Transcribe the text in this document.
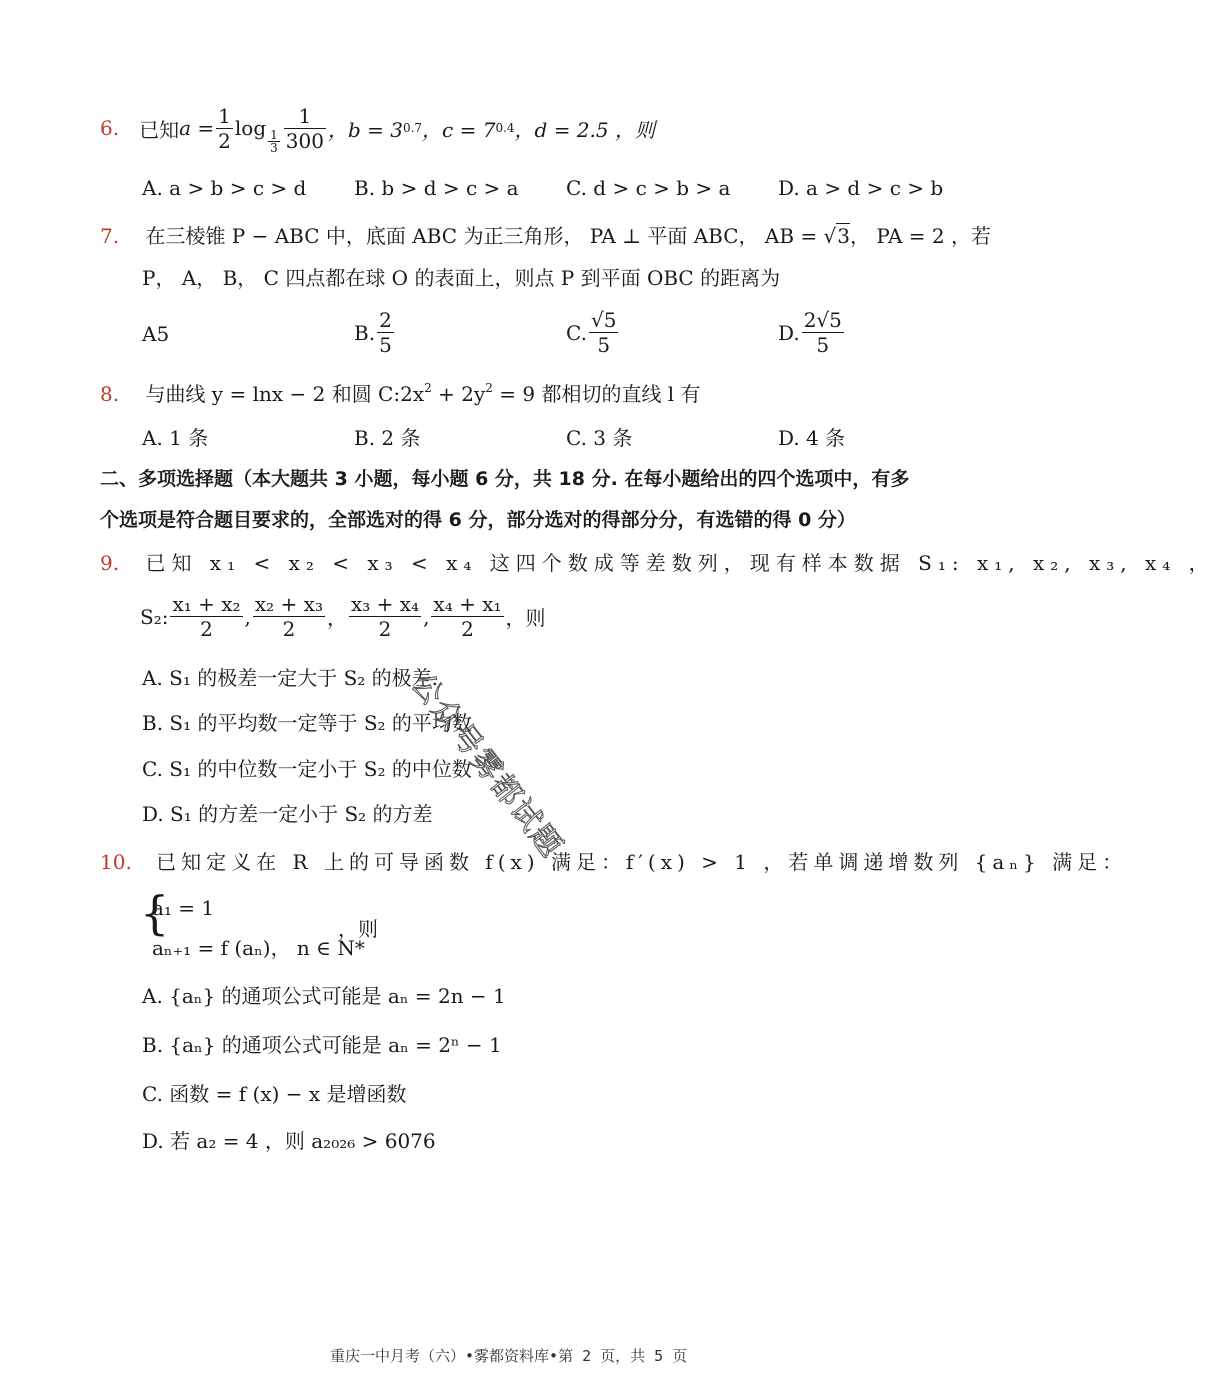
6. 已知 $a = \frac{1}{2}$ log
$\frac{1}{3} \frac{1}{300}$ ，b = 3 0.7 ，c = 7 0.4 ，d = 2.5 ，则
A. a > b > c > d B. b > d > c > a C. d > c > b > a D. a > d > c > b
7. 在三棱锥 P − ABC 中，底面 ABC 为正三角形， PA ⊥ 平面 ABC， AB = √3， PA = 2 ，若
P， A， B， C 四点都在球 O 的表面上，则点 P 到平面 OBC 的距离为
A5	B. $\frac{2}{5}$	C. $\frac{√5}{5}$	D. $\frac{2√5}{5}$
8. 与曲线 y = lnx − 2 和圆 $C:2x^2 + 2y^2 = 9$ 都相切的直线 l 有
A. 1 条	B. 2 条	C. 3 条	D. 4 条
二、多项选择题（本大题共 3 小题，每小题 6 分，共 18 分. 在每小题给出的四个选项中，有多
个选项是符合题目要求的，全部选对的得 6 分，部分选对的得部分分，有选错的得 0 分）
9. 已知 x₁ < x₂ < x₃ < x₄ 这四个数成等差数列，现有样本数据 S₁: x₁, x₂, x₃, x₄ ，
S₂: $\frac{\text{x₁ + x₂}}{2}$ , $\frac{\text{x₂ + x₃}}{2}$ ， $\frac{\text{x₃ + x₄}}{2}$ , $\frac{\text{x₄ + x₁}}{2}$ ，则
A. S₁ 的极差一定大于 S₂ 的极差.
B. S₁ 的平均数一定等于 S₂ 的平均数
C. S₁ 的中位数一定小于 S₂ 的中位数
D. S₁ 的方差一定小于 S₂ 的方差
公众号雾都试题
10. 已知定义在 R 上的可导函数 f(x) 满足：f′(x) > 1 ，若单调递增数列 {aₙ} 满足：
{
a₁ = 1
aₙ₊₁ = f (aₙ)， n ∈ N*
，则
A. {aₙ} 的通项公式可能是 aₙ = 2n − 1
B. {aₙ} 的通项公式可能是 aₙ = 2ⁿ − 1
C. 函数 = f (x) − x 是增函数
D. 若 a₂ = 4 ，则 a₂₀₂₆ > 6076
重庆一中月考（六）•雾都资料库•第 2 页，共 5 页
